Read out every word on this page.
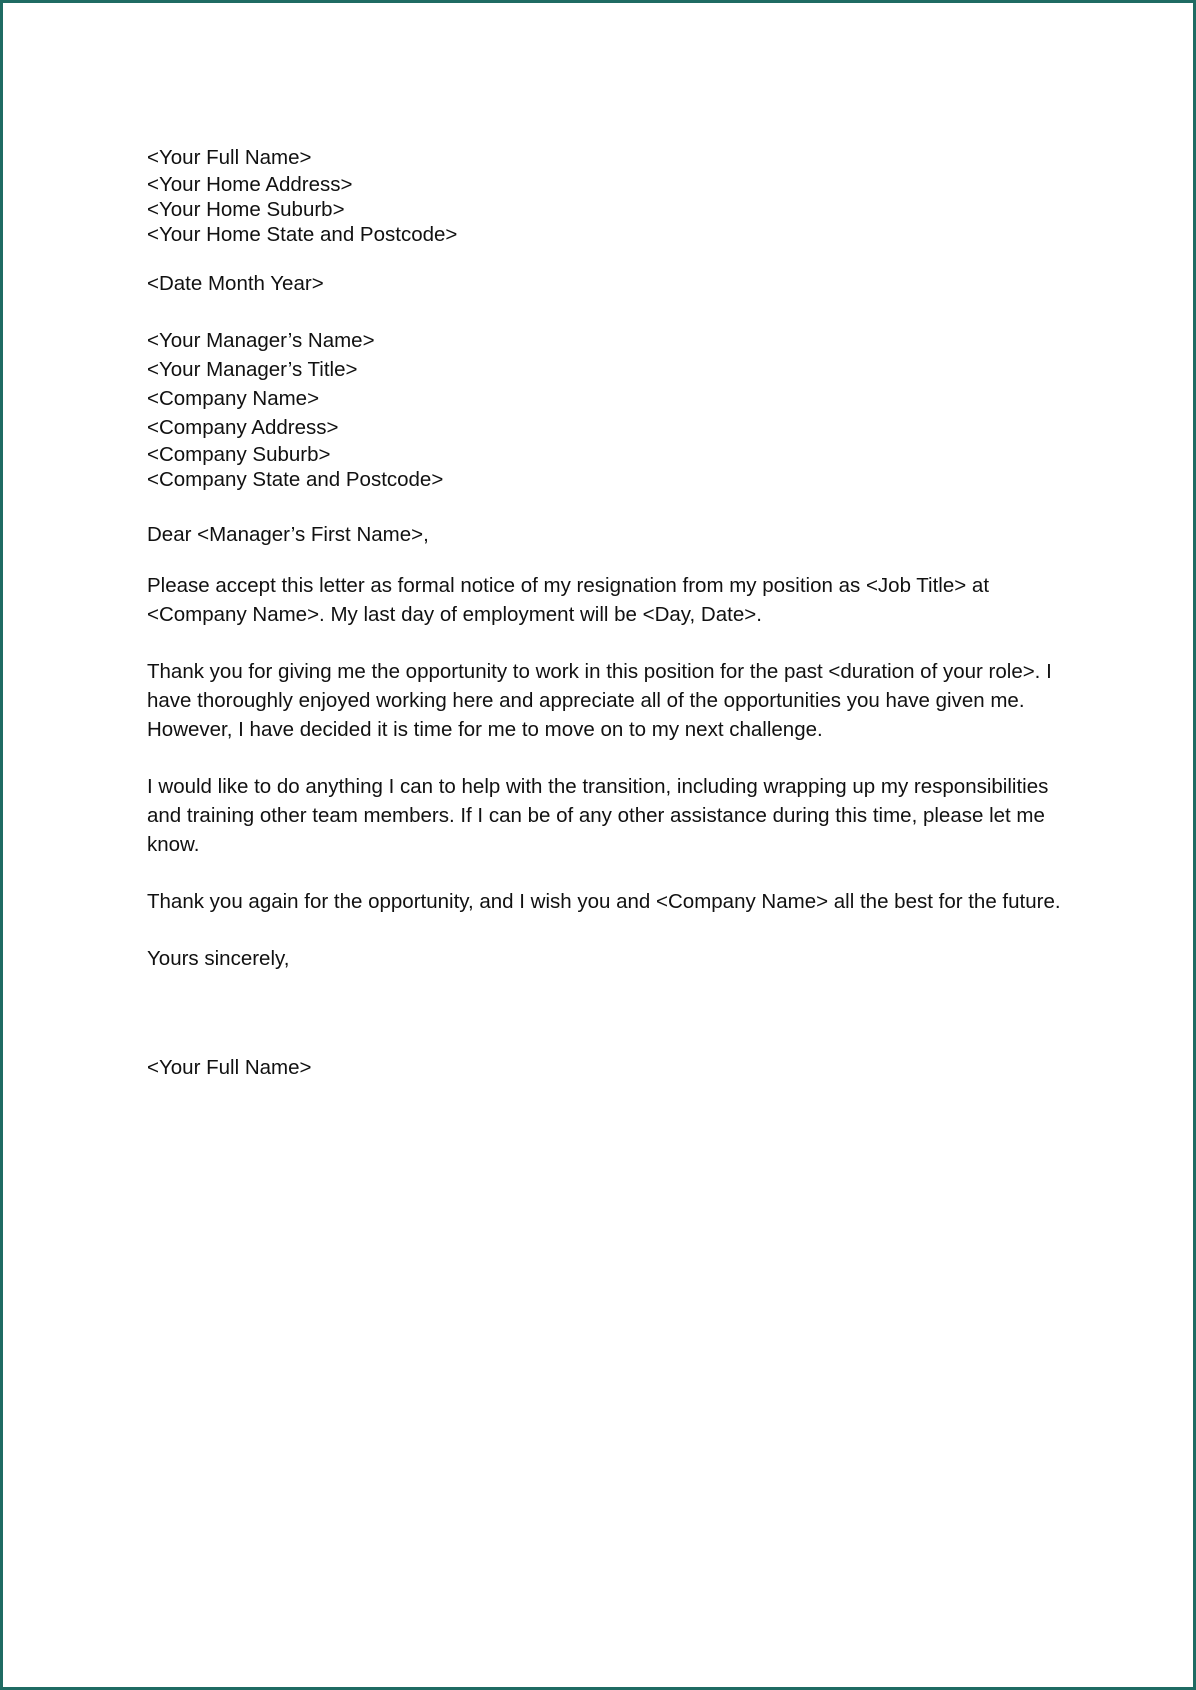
<Your Full Name>
<Your Home Address>
<Your Home Suburb>
<Your Home State and Postcode>
<Date Month Year>
<Your Manager’s Name>
<Your Manager’s Title>
<Company Name>
<Company Address>
<Company Suburb>
<Company State and Postcode>

Dear <Manager’s First Name>,

Please accept this letter as formal notice of my resignation from my position as <Job Title> at <Company Name>. My last day of employment will be <Day, Date>.

Thank you for giving me the opportunity to work in this position for the past <duration of your role>. I have thoroughly enjoyed working here and appreciate all of the opportunities you have given me. However, I have decided it is time for me to move on to my next challenge.

I would like to do anything I can to help with the transition, including wrapping up my responsibilities and training other team members. If I can be of any other assistance during this time, please let me know.

Thank you again for the opportunity, and I wish you and <Company Name> all the best for the future.

Yours sincerely,

<Your Full Name>
